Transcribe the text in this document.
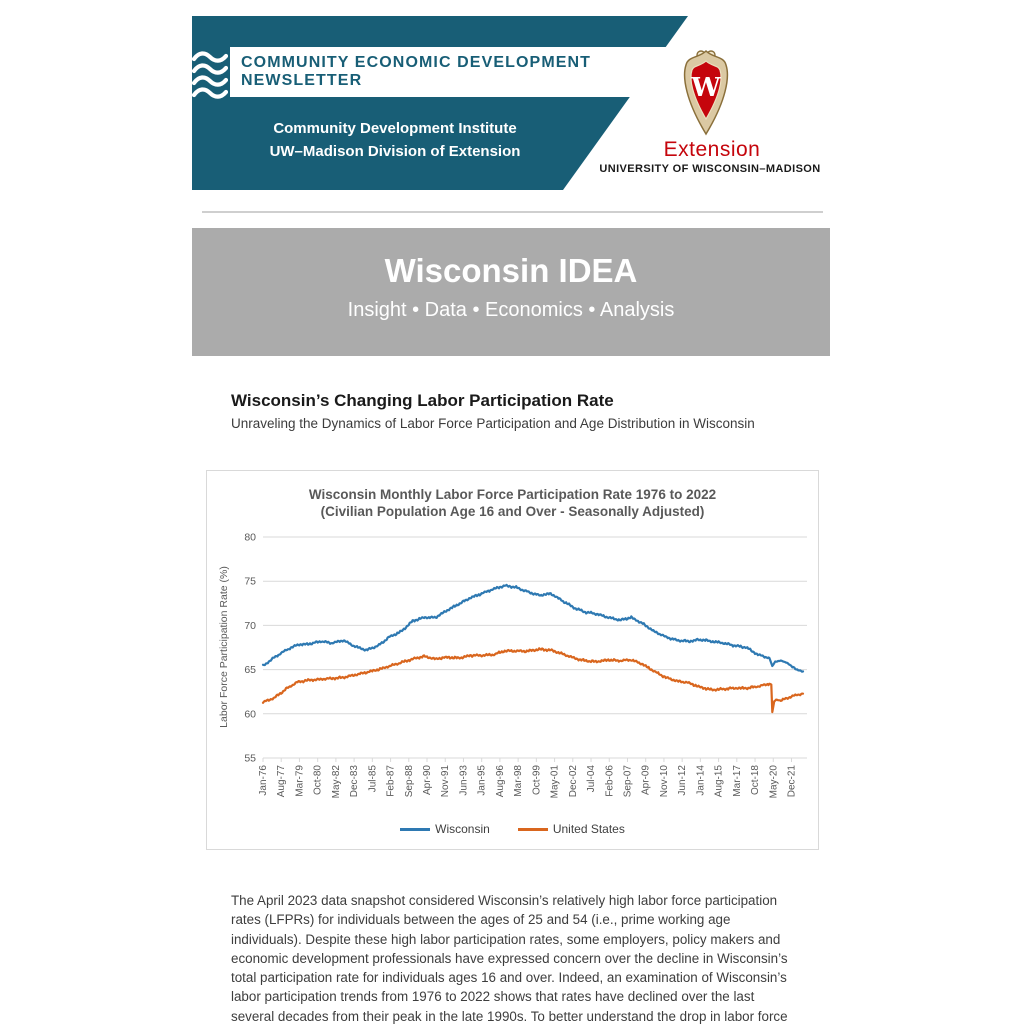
COMMUNITY ECONOMIC DEVELOPMENT NEWSLETTER
Community Development Institute
UW–Madison Division of Extension
W
Extension
UNIVERSITY OF WISCONSIN–MADISON
Wisconsin IDEA
Insight • Data • Economics • Analysis
Wisconsin’s Changing Labor Participation Rate
Unraveling the Dynamics of Labor Force Participation and Age Distribution in Wisconsin
Wisconsin Monthly Labor Force Participation Rate 1976 to 2022
(Civilian Population Age 16 and Over - Seasonally Adjusted)
Labor Force Participation Rate (%)
55
60
65
70
75
80
Jan-76 Aug-77 Mar-79 Oct-80 May-82 Dec-83 Jul-85 Feb-87 Sep-88 Apr-90 Nov-91 Jun-93 Jan-95 Aug-96 Mar-98 Oct-99 May-01 Dec-02 Jul-04 Feb-06 Sep-07 Apr-09 Nov-10 Jun-12 Jan-14 Aug-15 Mar-17 Oct-18 May-20 Dec-21
Wisconsin	United States
The April 2023 data snapshot considered Wisconsin’s relatively high labor force participation rates (LFPRs) for individuals between the ages of 25 and 54 (i.e., prime working age individuals). Despite these high labor participation rates, some employers, policy makers and economic development professionals have expressed concern over the decline in Wisconsin’s total participation rate for individuals ages 16 and over. Indeed, an examination of Wisconsin’s labor participation trends from 1976 to 2022 shows that rates have declined over the last several decades from their peak in the late 1990s. To better understand the drop in labor force
